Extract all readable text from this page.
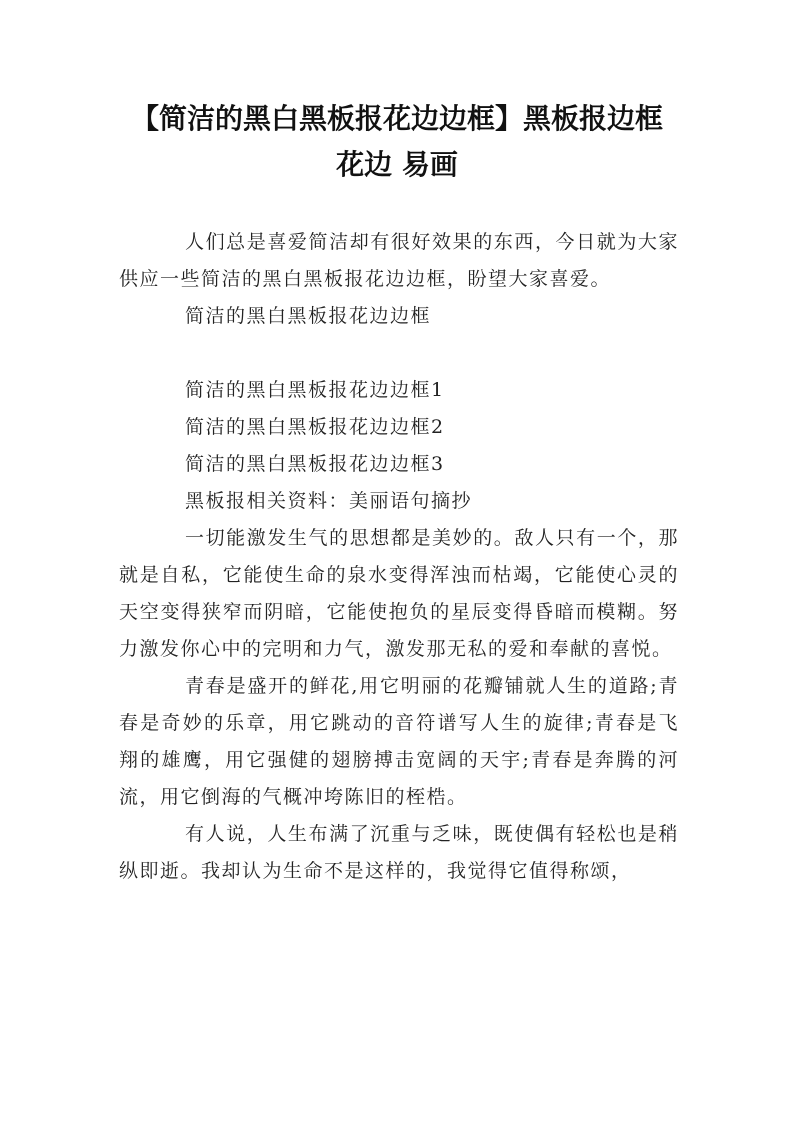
【简洁的黑白黑板报花边边框】黑板报边框
花边 易画

人们总是喜爱简洁却有很好效果的东西，今日就为大家供应一些简洁的黑白黑板报花边边框，盼望大家喜爱。

简洁的黑白黑板报花边边框

简洁的黑白黑板报花边边框1

简洁的黑白黑板报花边边框2

简洁的黑白黑板报花边边框3

黑板报相关资料：美丽语句摘抄

一切能激发生气的思想都是美妙的。敌人只有一个，那就是自私，它能使生命的泉水变得浑浊而枯竭，它能使心灵的天空变得狭窄而阴暗，它能使抱负的星辰变得昏暗而模糊。努力激发你心中的完明和力气，激发那无私的爱和奉献的喜悦。

青春是盛开的鲜花,用它明丽的花瓣铺就人生的道路;青春是奇妙的乐章，用它跳动的音符谱写人生的旋律;青春是飞翔的雄鹰，用它强健的翅膀搏击宽阔的天宇;青春是奔腾的河流，用它倒海的气概冲垮陈旧的桎梏。

有人说，人生布满了沉重与乏味，既使偶有轻松也是稍纵即逝。我却认为生命不是这样的，我觉得它值得称颂，
